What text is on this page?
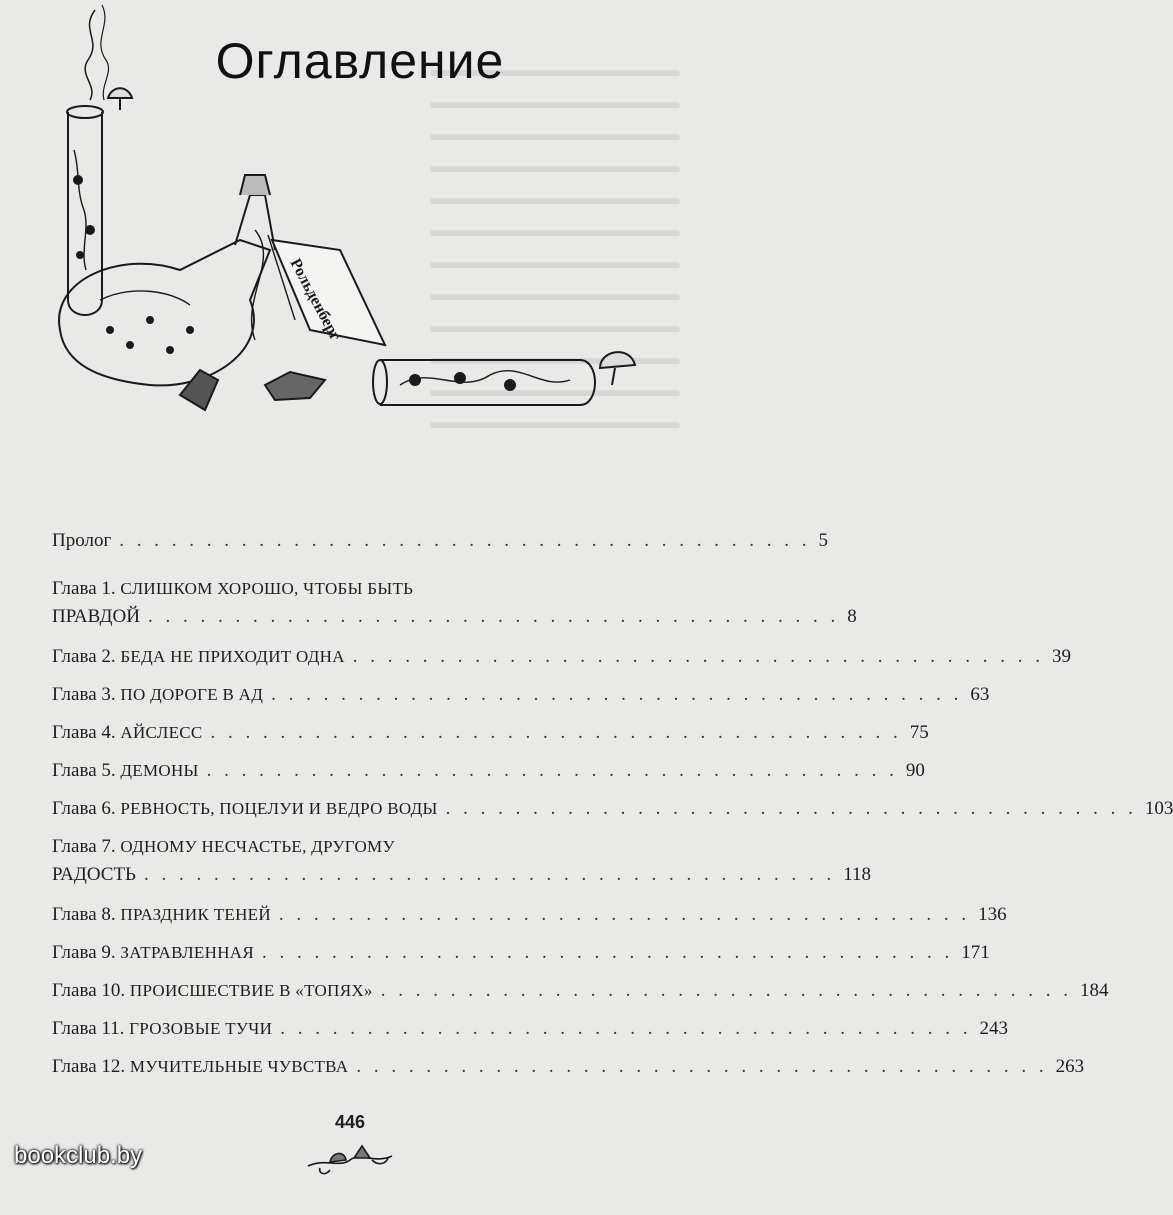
Рольденберг
Оглавление
Пролог . . . . . . . . . . . . . . . . . . . . . . . . . . . . . . . . . . . . . . . . 5
Глава 1. СЛИШКОМ ХОРОШО, ЧТОБЫ БЫТЬ
ПРАВДОЙ . . . . . . . . . . . . . . . . . . . . . . . . . . . . . . . . . . . . . . . . 8
Глава 2. БЕДА НЕ ПРИХОДИТ ОДНА . . . . . . . . . . . . . . . . . . . . . . . . . . . . . . . . . . . . . . . . 39
Глава 3. ПО ДОРОГЕ В АД . . . . . . . . . . . . . . . . . . . . . . . . . . . . . . . . . . . . . . . . 63
Глава 4. АЙСЛЕСС . . . . . . . . . . . . . . . . . . . . . . . . . . . . . . . . . . . . . . . . 75
Глава 5. ДЕМОНЫ . . . . . . . . . . . . . . . . . . . . . . . . . . . . . . . . . . . . . . . . 90
Глава 6. РЕВНОСТЬ, ПОЦЕЛУИ И ВЕДРО ВОДЫ . . . . . . . . . . . . . . . . . . . . . . . . . . . . . . . . . . . . . . . . 103
Глава 7. ОДНОМУ НЕСЧАСТЬЕ, ДРУГОМУ
РАДОСТЬ . . . . . . . . . . . . . . . . . . . . . . . . . . . . . . . . . . . . . . . . 118
Глава 8. ПРАЗДНИК ТЕНЕЙ . . . . . . . . . . . . . . . . . . . . . . . . . . . . . . . . . . . . . . . . 136
Глава 9. ЗАТРАВЛЕННАЯ . . . . . . . . . . . . . . . . . . . . . . . . . . . . . . . . . . . . . . . . 171
Глава 10. ПРОИСШЕСТВИЕ В «ТОПЯХ» . . . . . . . . . . . . . . . . . . . . . . . . . . . . . . . . . . . . . . . . 184
Глава 11. ГРОЗОВЫЕ ТУЧИ . . . . . . . . . . . . . . . . . . . . . . . . . . . . . . . . . . . . . . . . 243
Глава 12. МУЧИТЕЛЬНЫЕ ЧУВСТВА . . . . . . . . . . . . . . . . . . . . . . . . . . . . . . . . . . . . . . . . 263
446
bookclub.by
